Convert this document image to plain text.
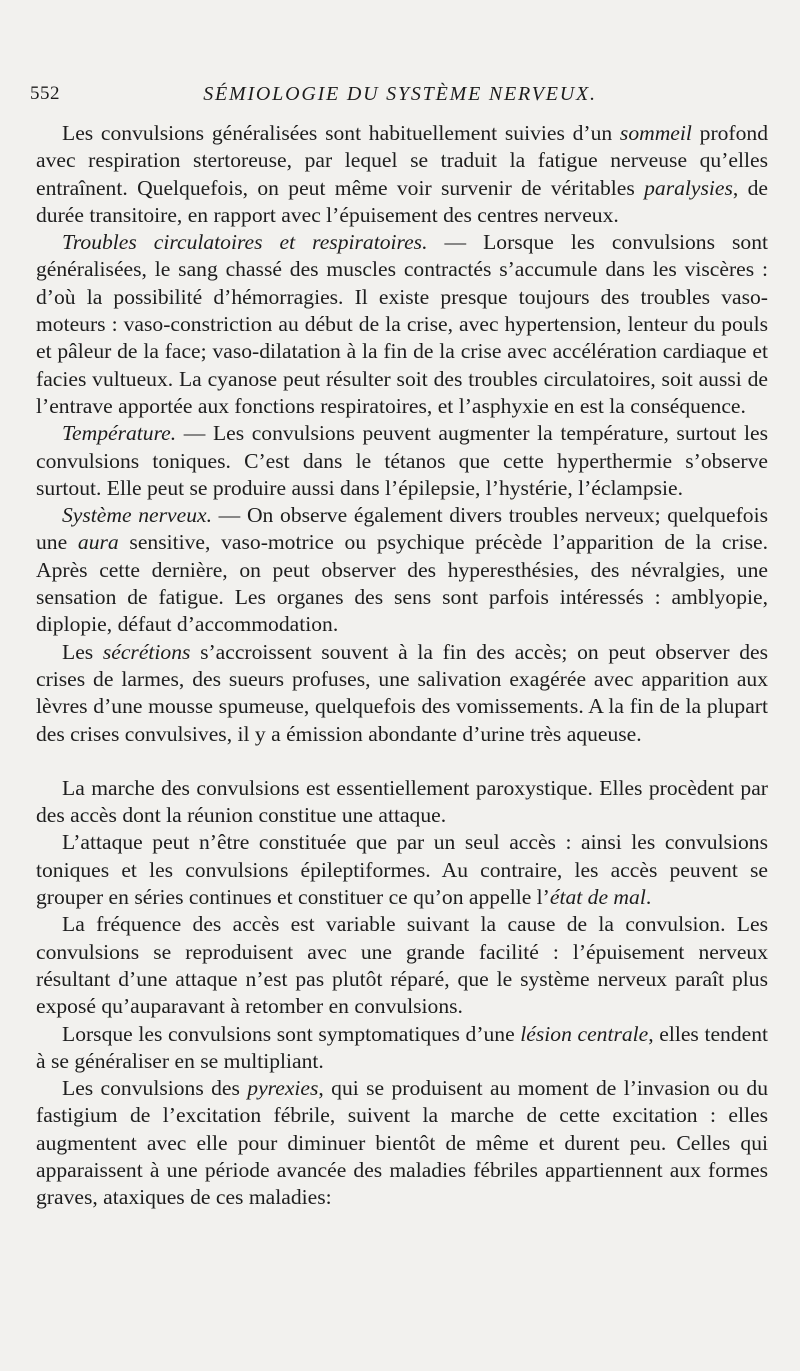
552	SÉMIOLOGIE DU SYSTÈME NERVEUX.

Les convulsions généralisées sont habituellement suivies d’un sommeil profond avec respiration stertoreuse, par lequel se traduit la fatigue nerveuse qu’elles entraînent. Quelquefois, on peut même voir survenir de véritables paralysies, de durée transitoire, en rapport avec l’épuisement des centres nerveux.

Troubles circulatoires et respiratoires. — Lorsque les convulsions sont généralisées, le sang chassé des muscles contractés s’accumule dans les viscères : d’où la possibilité d’hémorragies. Il existe presque toujours des troubles vaso-moteurs : vaso-constriction au début de la crise, avec hypertension, lenteur du pouls et pâleur de la face; vaso-dilatation à la fin de la crise avec accélération cardiaque et facies vultueux. La cyanose peut résulter soit des troubles circulatoires, soit aussi de l’entrave apportée aux fonctions respiratoires, et l’asphyxie en est la conséquence.

Température. — Les convulsions peuvent augmenter la température, surtout les convulsions toniques. C’est dans le tétanos que cette hyperthermie s’observe surtout. Elle peut se produire aussi dans l’épilepsie, l’hystérie, l’éclampsie.

Système nerveux. — On observe également divers troubles nerveux; quelquefois une aura sensitive, vaso-motrice ou psychique précède l’apparition de la crise. Après cette dernière, on peut observer des hyperesthésies, des névralgies, une sensation de fatigue. Les organes des sens sont parfois intéressés : amblyopie, diplopie, défaut d’accommodation.

Les sécrétions s’accroissent souvent à la fin des accès; on peut observer des crises de larmes, des sueurs profuses, une salivation exagérée avec apparition aux lèvres d’une mousse spumeuse, quelquefois des vomissements. A la fin de la plupart des crises convulsives, il y a émission abondante d’urine très aqueuse.

La marche des convulsions est essentiellement paroxystique. Elles procèdent par des accès dont la réunion constitue une attaque.

L’attaque peut n’être constituée que par un seul accès : ainsi les convulsions toniques et les convulsions épileptiformes. Au contraire, les accès peuvent se grouper en séries continues et constituer ce qu’on appelle l’état de mal.

La fréquence des accès est variable suivant la cause de la convulsion. Les convulsions se reproduisent avec une grande facilité : l’épuisement nerveux résultant d’une attaque n’est pas plutôt réparé, que le système nerveux paraît plus exposé qu’auparavant à retomber en convulsions.

Lorsque les convulsions sont symptomatiques d’une lésion centrale, elles tendent à se généraliser en se multipliant.

Les convulsions des pyrexies, qui se produisent au moment de l’invasion ou du fastigium de l’excitation fébrile, suivent la marche de cette excitation : elles augmentent avec elle pour diminuer bientôt de même et durent peu. Celles qui apparaissent à une période avancée des maladies fébriles appartiennent aux formes graves, ataxiques de ces maladies:
